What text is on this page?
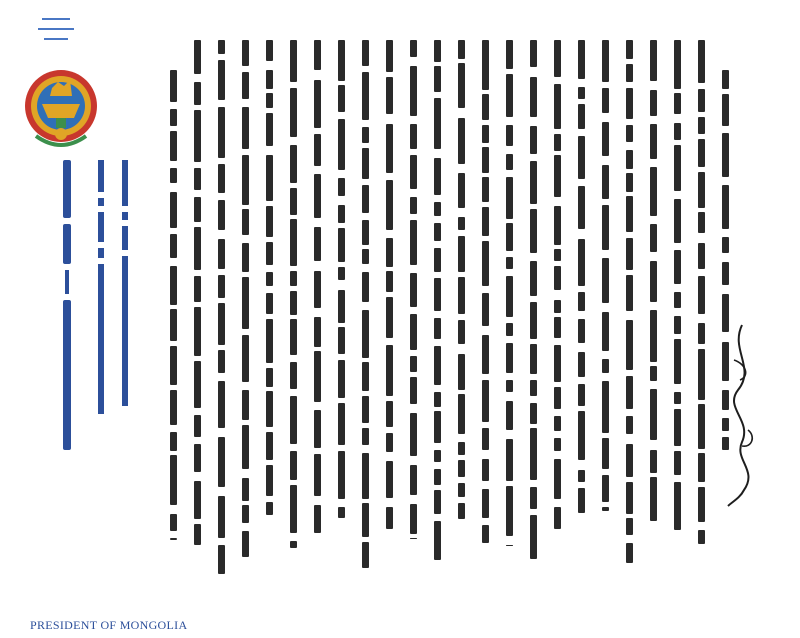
PRESIDENT OF MONGOLIA
